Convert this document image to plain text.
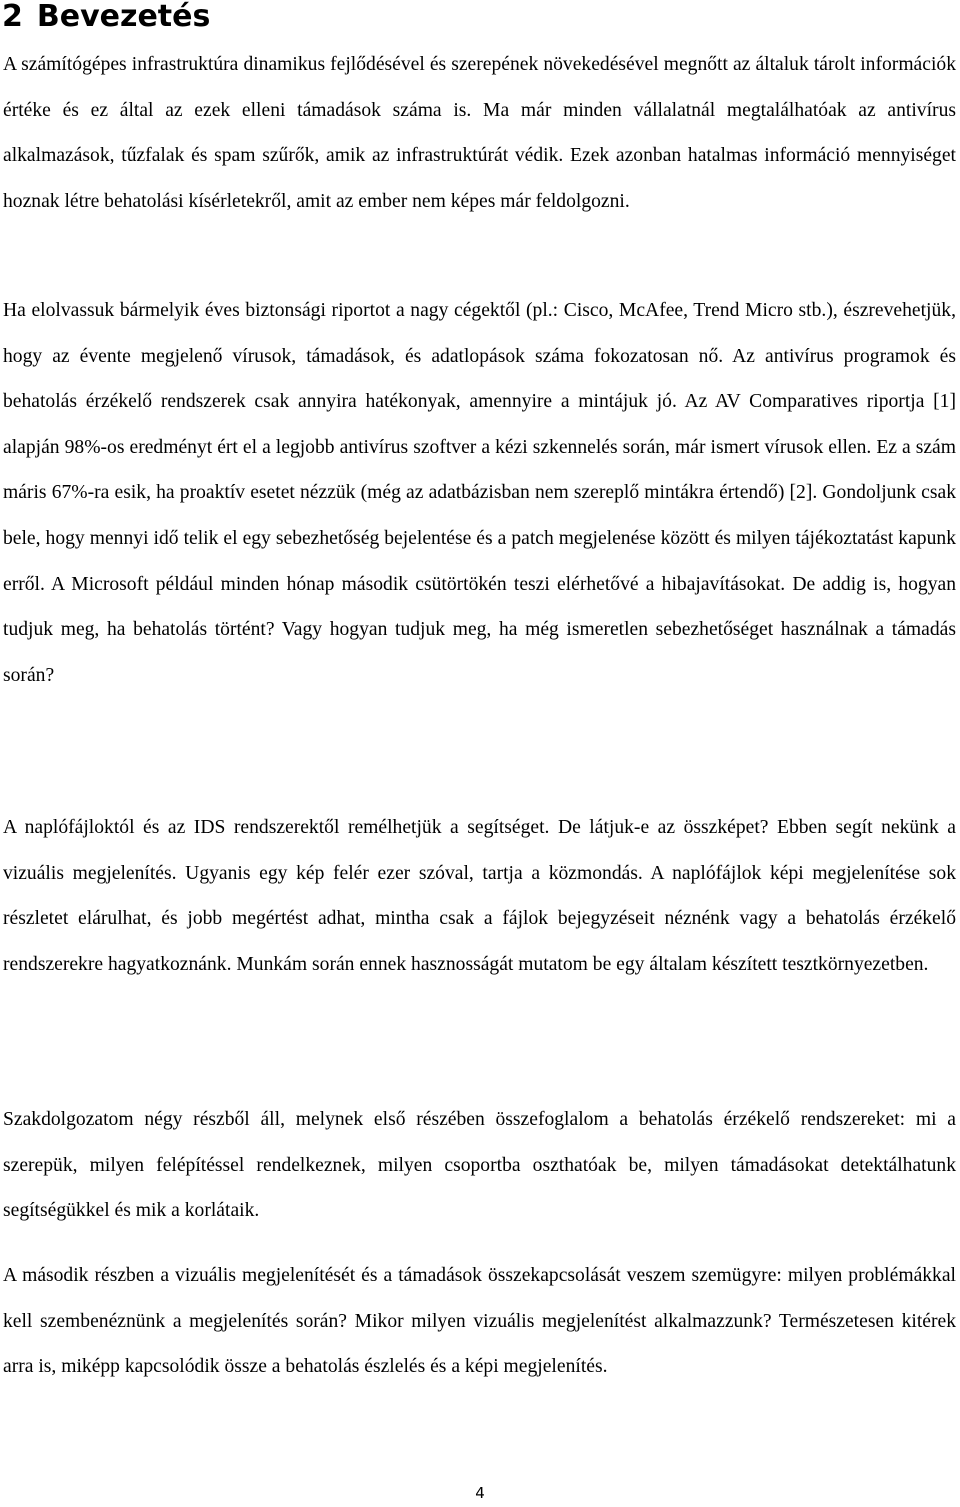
2 Bevezetés

A számítógépes infrastruktúra dinamikus fejlődésével és szerepének növekedésével megnőtt az általuk tárolt információk értéke és ez által az ezek elleni támadások száma is. Ma már minden vállalatnál megtalálhatóak az antivírus alkalmazások, tűzfalak és spam szűrők, amik az infrastruktúrát védik. Ezek azonban hatalmas információ mennyiséget hoznak létre behatolási kísérletekről, amit az ember nem képes már feldolgozni.

Ha elolvassuk bármelyik éves biztonsági riportot a nagy cégektől (pl.: Cisco, McAfee, Trend Micro stb.), észrevehetjük, hogy az évente megjelenő vírusok, támadások, és adatlopások száma fokozatosan nő. Az antivírus programok és behatolás érzékelő rendszerek csak annyira hatékonyak, amennyire a mintájuk jó. Az AV Comparatives riportja [1] alapján 98%-os eredményt ért el a legjobb antivírus szoftver a kézi szkennelés során, már ismert vírusok ellen. Ez a szám máris 67%-ra esik, ha proaktív esetet nézzük (még az adatbázisban nem szereplő mintákra értendő) [2]. Gondoljunk csak bele, hogy mennyi idő telik el egy sebezhetőség bejelentése és a patch megjelenése között és milyen tájékoztatást kapunk erről. A Microsoft például minden hónap második csütörtökén teszi elérhetővé a hibajavításokat. De addig is, hogyan tudjuk meg, ha behatolás történt? Vagy hogyan tudjuk meg, ha még ismeretlen sebezhetőséget használnak a támadás során?

A naplófájloktól és az IDS rendszerektől remélhetjük a segítséget. De látjuk-e az összképet? Ebben segít nekünk a vizuális megjelenítés. Ugyanis egy kép felér ezer szóval, tartja a közmondás. A naplófájlok képi megjelenítése sok részletet elárulhat, és jobb megértést adhat, mintha csak a fájlok bejegyzéseit néznénk vagy a behatolás érzékelő rendszerekre hagyatkoznánk. Munkám során ennek hasznosságát mutatom be egy általam készített tesztkörnyezetben.

Szakdolgozatom négy részből áll, melynek első részében összefoglalom a behatolás érzékelő rendszereket: mi a szerepük, milyen felépítéssel rendelkeznek, milyen csoportba oszthatóak be, milyen támadásokat detektálhatunk segítségükkel és mik a korlátaik.

A második részben a vizuális megjelenítését és a támadások összekapcsolását veszem szemügyre: milyen problémákkal kell szembenéznünk a megjelenítés során? Mikor milyen vizuális megjelenítést alkalmazzunk? Természetesen kitérek arra is, miképp kapcsolódik össze a behatolás észlelés és a képi megjelenítés.

4
